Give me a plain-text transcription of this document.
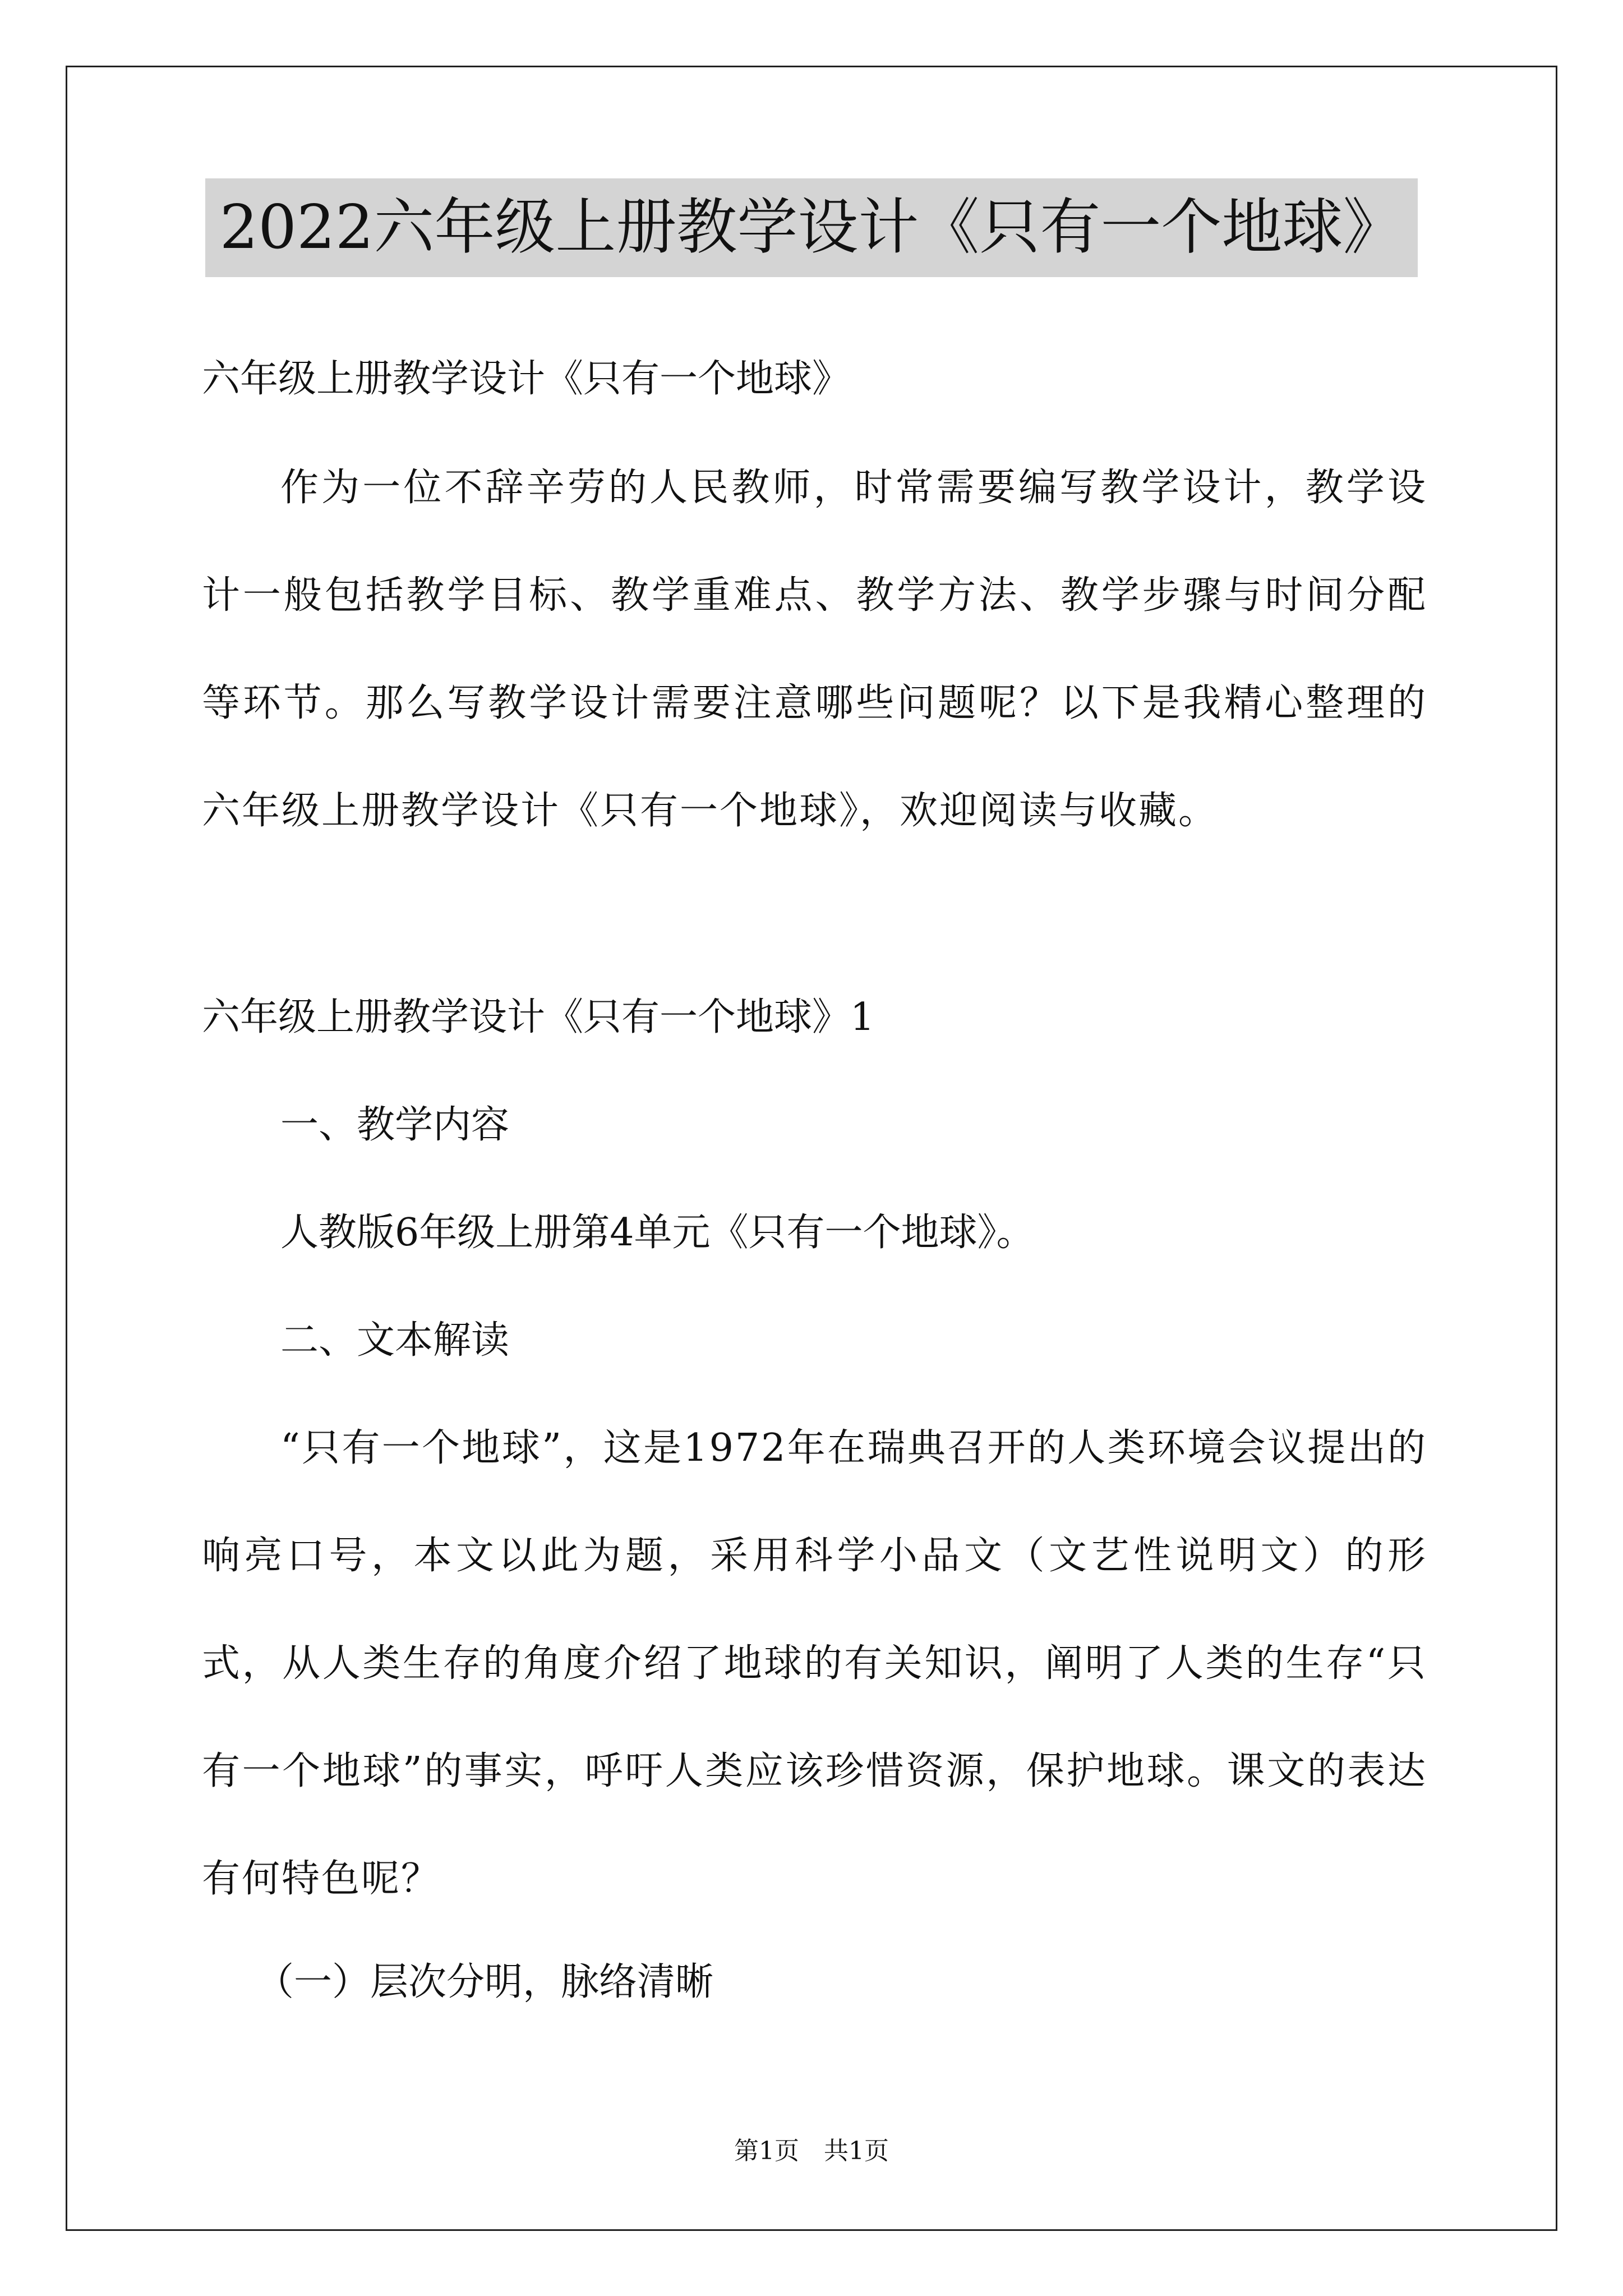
2022六年级上册教学设计《只有一个地球》
六年级上册教学设计《只有一个地球》
作为一位不辞辛劳的人民教师，时常需要编写教学设计，教学设计一般包括教学目标、教学重难点、教学方法、教学步骤与时间分配等环节。那么写教学设计需要注意哪些问题呢？以下是我精心整理的六年级上册教学设计《只有一个地球》，欢迎阅读与收藏。
六年级上册教学设计《只有一个地球》1
一、教学内容
人教版6年级上册第4单元《只有一个地球》。
二、文本解读
“只有一个地球”，这是1972年在瑞典召开的人类环境会议提出的响亮口号，本文以此为题，采用科学小品文（文艺性说明文）的形式，从人类生存的角度介绍了地球的有关知识，阐明了人类的生存“只有一个地球”的事实，呼吁人类应该珍惜资源，保护地球。课文的表达有何特色呢？
（一）层次分明，脉络清晰
第1页　共1页
